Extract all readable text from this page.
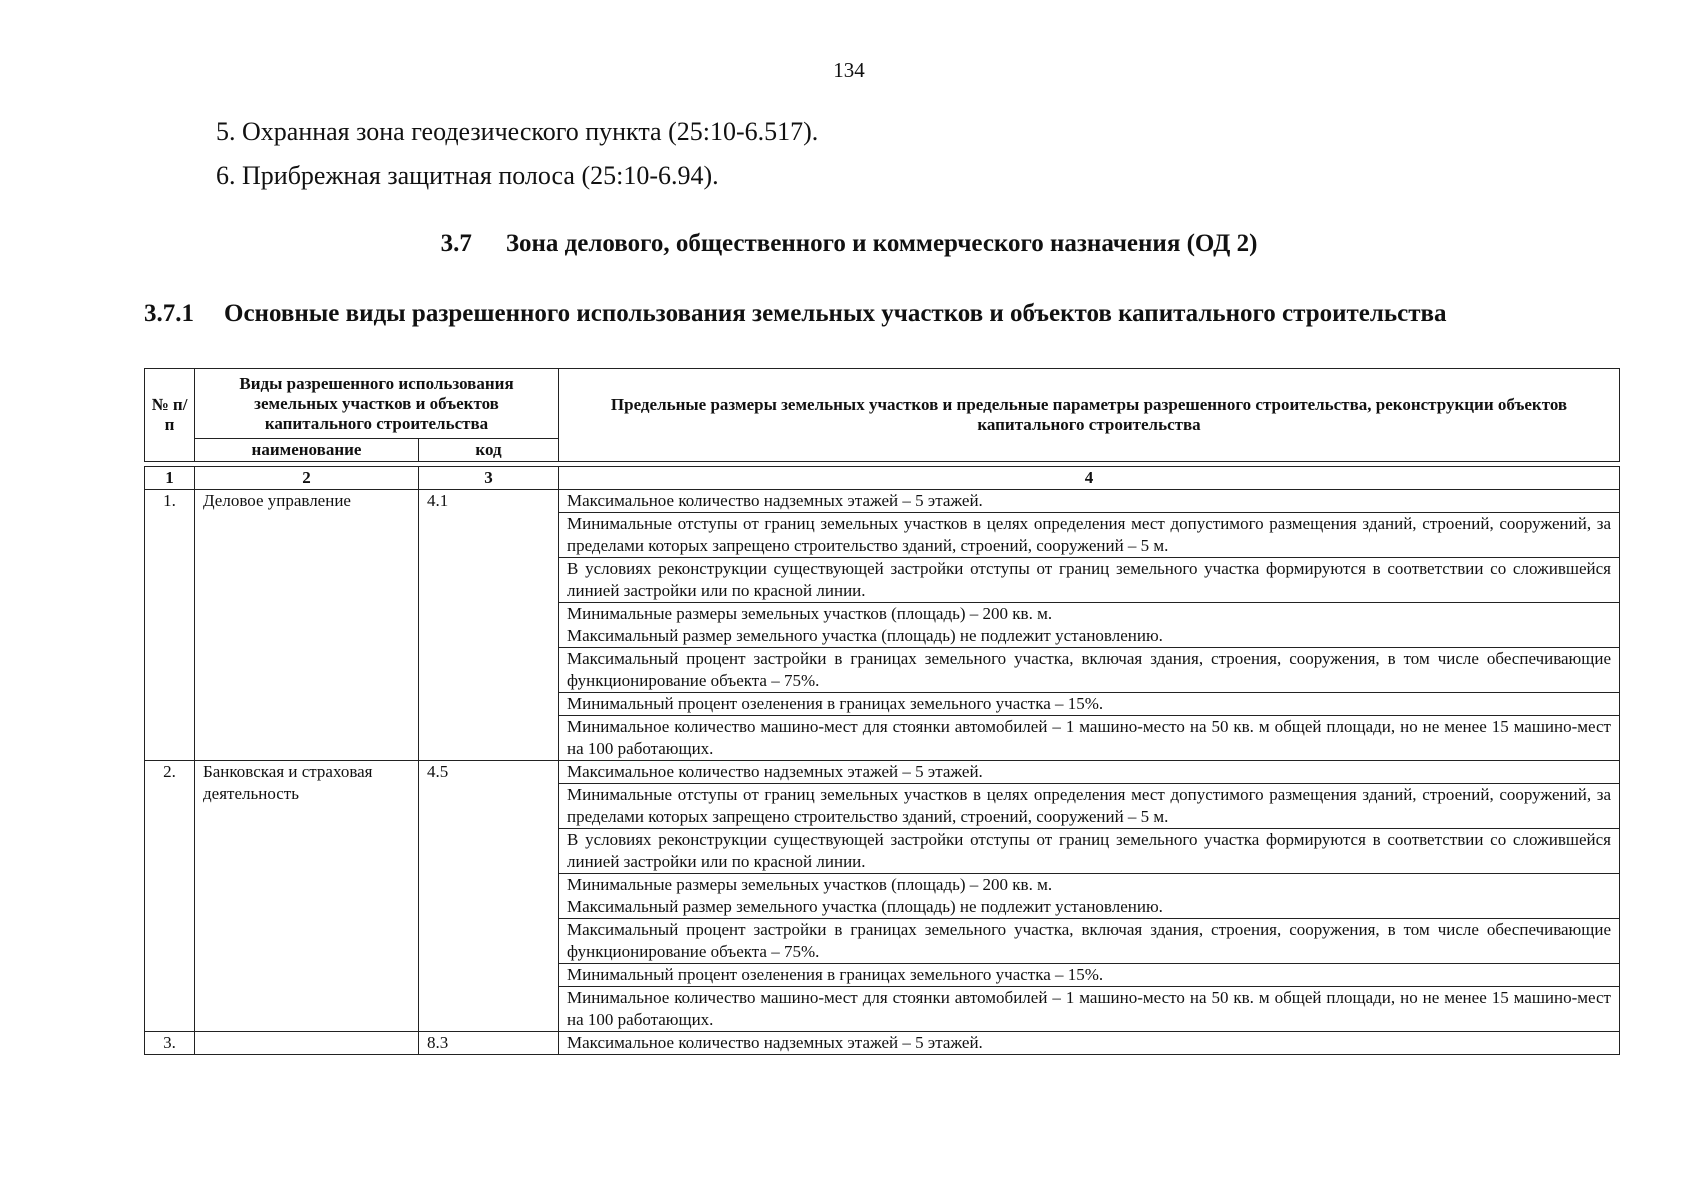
134
5. Охранная зона геодезического пункта (25:10-6.517).
6. Прибрежная защитная полоса (25:10-6.94).
3.7 Зона делового, общественного и коммерческого назначения (ОД 2)
3.7.1 Основные виды разрешенного использования земельных участков и объектов капитального строительства
№ п/п	Виды разрешенного использования земельных участков и объектов капитального строительства		Предельные размеры земельных участков и предельные параметры разрешенного строительства, реконструкции объектов капитального строительства
	наименование	код	
1	2	3	4
1.	Деловое управление	4.1	Максимальное количество надземных этажей – 5 этажей.
			Минимальные отступы от границ земельных участков в целях определения мест допустимого размещения зданий, строений, сооружений, за пределами которых запрещено строительство зданий, строений, сооружений – 5 м.
			В условиях реконструкции существующей застройки отступы от границ земельного участка формируются в соответствии со сложившейся линией застройки или по красной линии.
			Минимальные размеры земельных участков (площадь) – 200 кв. м.
Максимальный размер земельного участка (площадь) не подлежит установлению.
			Максимальный процент застройки в границах земельного участка, включая здания, строения, сооружения, в том числе обеспечивающие функционирование объекта – 75%.
			Минимальный процент озеленения в границах земельного участка – 15%.
			Минимальное количество машино-мест для стоянки автомобилей – 1 машино-место на 50 кв. м общей площади, но не менее 15 машино-мест на 100 работающих.
2.	Банковская и страховая деятельность	4.5	Максимальное количество надземных этажей – 5 этажей.
			Минимальные отступы от границ земельных участков в целях определения мест допустимого размещения зданий, строений, сооружений, за пределами которых запрещено строительство зданий, строений, сооружений – 5 м.
			В условиях реконструкции существующей застройки отступы от границ земельного участка формируются в соответствии со сложившейся линией застройки или по красной линии.
			Минимальные размеры земельных участков (площадь) – 200 кв. м.
Максимальный размер земельного участка (площадь) не подлежит установлению.
			Максимальный процент застройки в границах земельного участка, включая здания, строения, сооружения, в том числе обеспечивающие функционирование объекта – 75%.
			Минимальный процент озеленения в границах земельного участка – 15%.
			Минимальное количество машино-мест для стоянки автомобилей – 1 машино-место на 50 кв. м общей площади, но не менее 15 машино-мест на 100 работающих.
3.		8.3	Максимальное количество надземных этажей – 5 этажей.
